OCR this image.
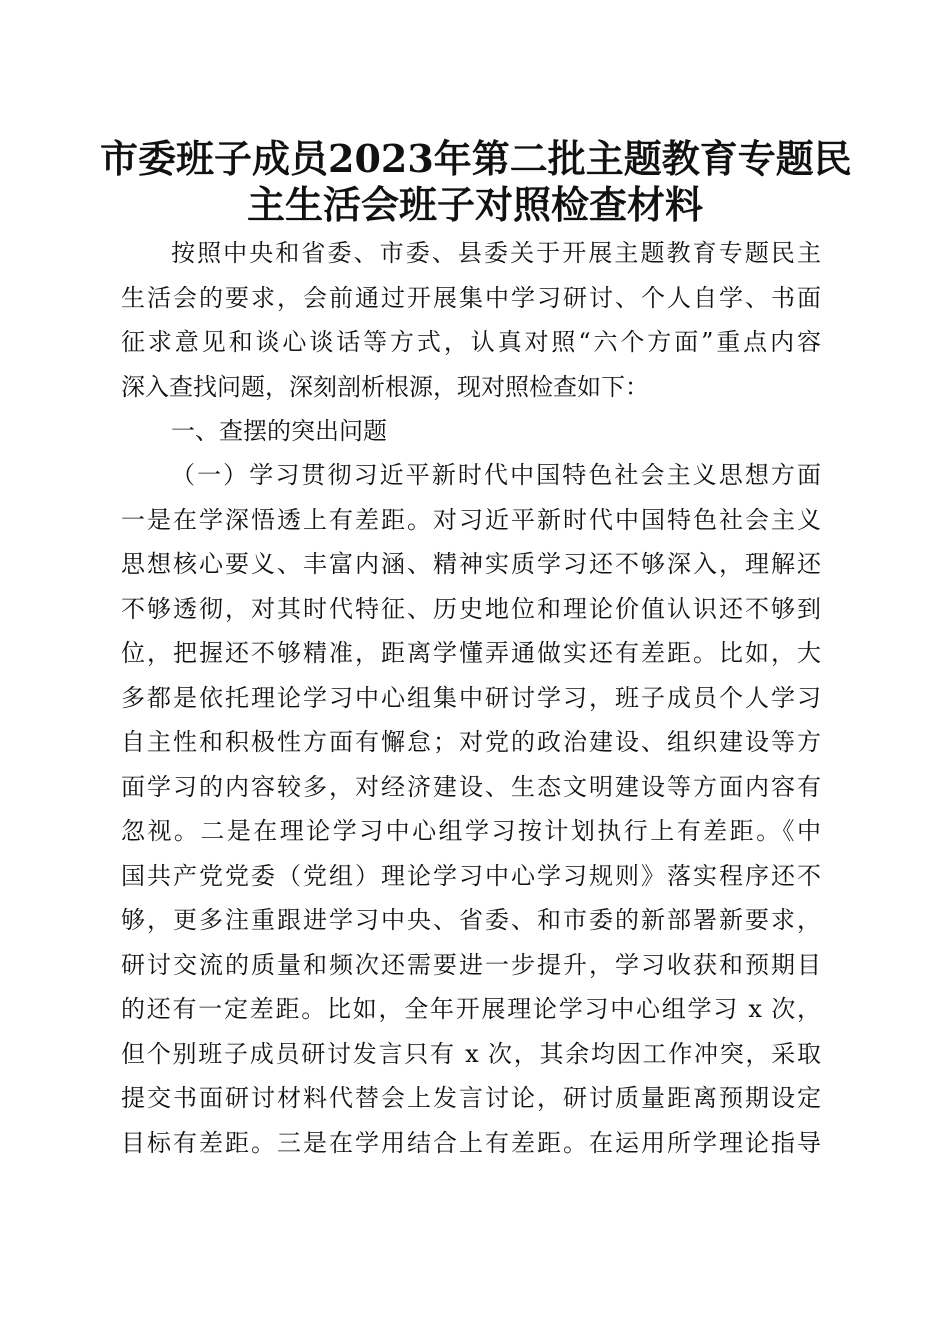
市委班子成员2023年第二批主题教育专题民
主生活会班子对照检查材料
按照中央和省委、市委、县委关于开展主题教育专题民主
生活会的要求，会前通过开展集中学习研讨、个人自学、书面
征求意见和谈心谈话等方式，认真对照“六个方面”重点内容
深入查找问题，深刻剖析根源，现对照检查如下：
一、查摆的突出问题
（一）学习贯彻习近平新时代中国特色社会主义思想方面
一是在学深悟透上有差距。对习近平新时代中国特色社会主义
思想核心要义、丰富内涵、精神实质学习还不够深入，理解还
不够透彻，对其时代特征、历史地位和理论价值认识还不够到
位，把握还不够精准，距离学懂弄通做实还有差距。比如，大
多都是依托理论学习中心组集中研讨学习，班子成员个人学习
自主性和积极性方面有懈怠；对党的政治建设、组织建设等方
面学习的内容较多，对经济建设、生态文明建设等方面内容有
忽视。二是在理论学习中心组学习按计划执行上有差距。《中
国共产党党委（党组）理论学习中心学习规则》落实程序还不
够，更多注重跟进学习中央、省委、和市委的新部署新要求，
研讨交流的质量和频次还需要进一步提升，学习收获和预期目
的还有一定差距。比如，全年开展理论学习中心组学习 x 次，
但个别班子成员研讨发言只有 x 次，其余均因工作冲突，采取
提交书面研讨材料代替会上发言讨论，研讨质量距离预期设定
目标有差距。三是在学用结合上有差距。在运用所学理论指导
